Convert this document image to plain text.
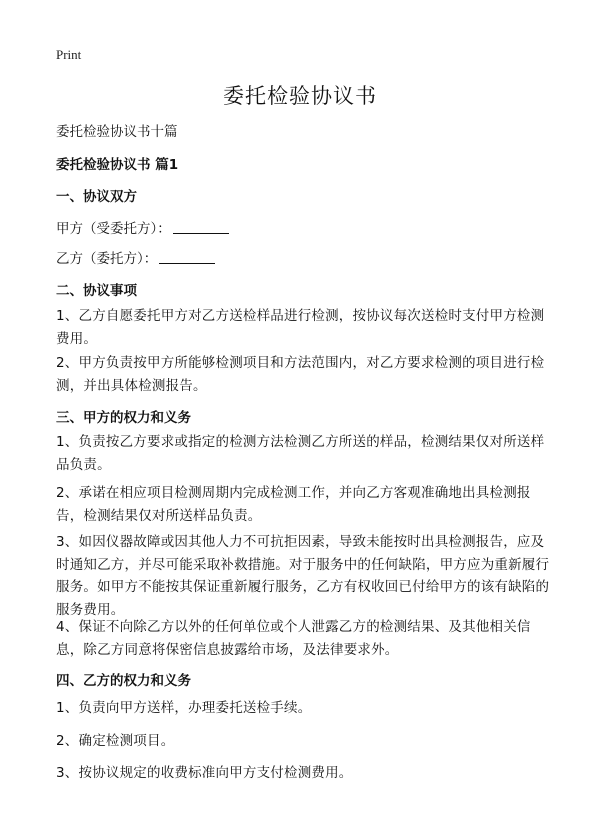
Print
委托检验协议书
委托检验协议书十篇
委托检验协议书 篇1
一、协议双方
甲方（受委托方）：
乙方（委托方）：
二、协议事项
1、乙方自愿委托甲方对乙方送检样品进行检测，按协议每次送检时支付甲方检测费用。
2、甲方负责按甲方所能够检测项目和方法范围内，对乙方要求检测的项目进行检测，并出具体检测报告。
三、甲方的权力和义务
1、负责按乙方要求或指定的检测方法检测乙方所送的样品，检测结果仅对所送样品负责。
2、承诺在相应项目检测周期内完成检测工作，并向乙方客观准确地出具检测报告，检测结果仅对所送样品负责。
3、如因仪器故障或因其他人力不可抗拒因素，导致未能按时出具检测报告，应及时通知乙方，并尽可能采取补救措施。对于服务中的任何缺陷，甲方应为重新履行服务。如甲方不能按其保证重新履行服务，乙方有权收回已付给甲方的该有缺陷的服务费用。
4、保证不向除乙方以外的任何单位或个人泄露乙方的检测结果、及其他相关信息，除乙方同意将保密信息披露给市场，及法律要求外。
四、乙方的权力和义务
1、负责向甲方送样，办理委托送检手续。
2、确定检测项目。
3、按协议规定的收费标准向甲方支付检测费用。
